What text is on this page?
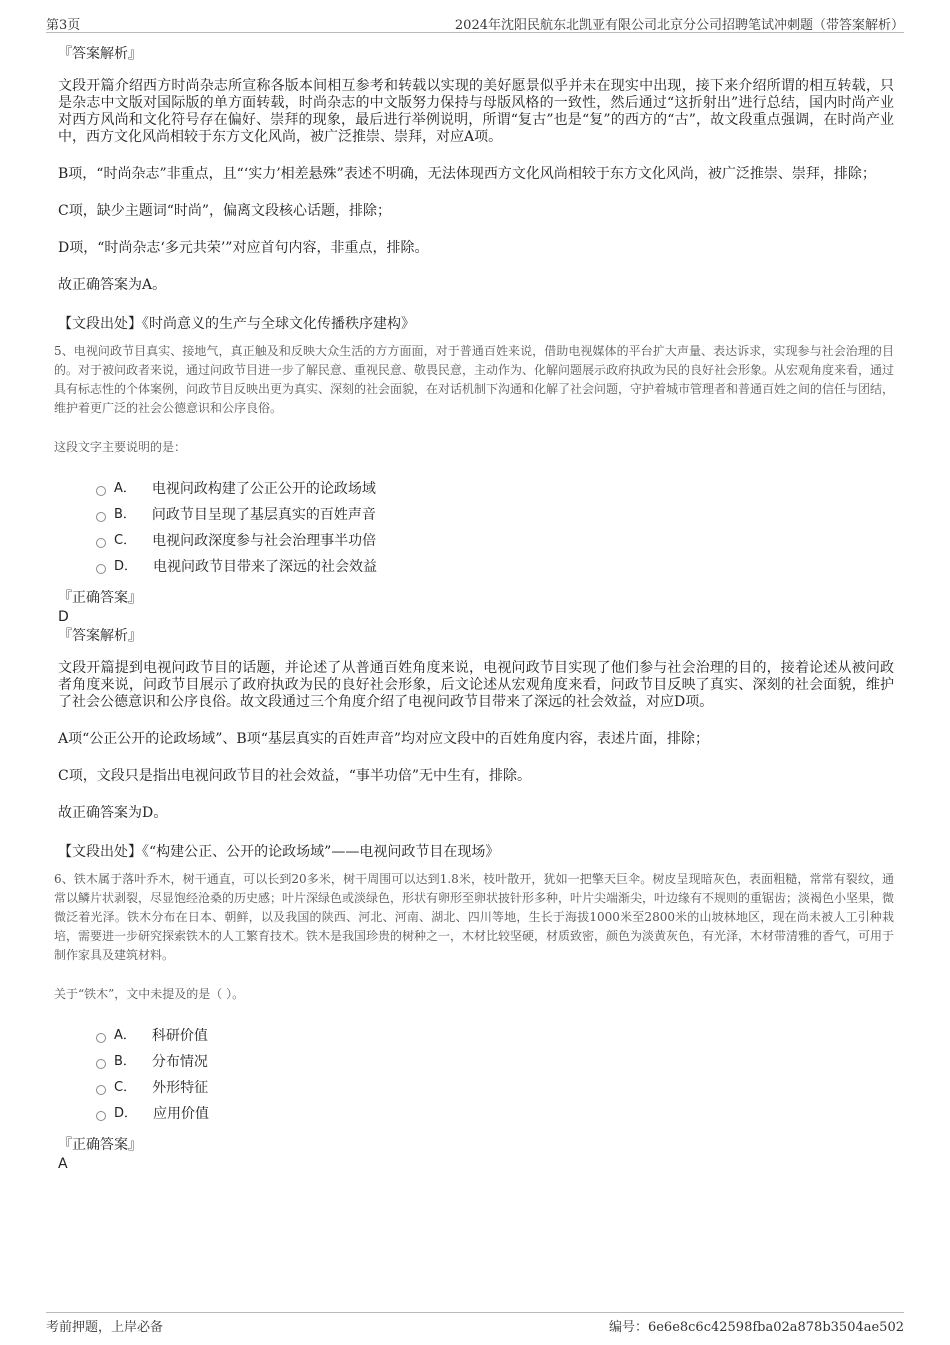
第3页	2024年沈阳民航东北凯亚有限公司北京分公司招聘笔试冲刺题（带答案解析）
『答案解析』

文段开篇介绍西方时尚杂志所宣称各版本间相互参考和转载以实现的美好愿景似乎并未在现实中出现，接下来介绍所谓的相互转载，只是杂志中文版对国际版的单方面转载，时尚杂志的中文版努力保持与母版风格的一致性，然后通过“这折射出”进行总结，国内时尚产业对西方风尚和文化符号存在偏好、崇拜的现象，最后进行举例说明，所谓“复古”也是“复”的西方的“古”，故文段重点强调，在时尚产业中，西方文化风尚相较于东方文化风尚，被广泛推崇、崇拜，对应A项。

B项，“时尚杂志”非重点，且“‘实力’相差悬殊”表述不明确，无法体现西方文化风尚相较于东方文化风尚，被广泛推崇、崇拜，排除；

C项，缺少主题词“时尚”，偏离文段核心话题，排除；

D项，“时尚杂志‘多元共荣’”对应首句内容，非重点，排除。

故正确答案为A。

【文段出处】《时尚意义的生产与全球文化传播秩序建构》

5、电视问政节目真实、接地气，真正触及和反映大众生活的方方面面，对于普通百姓来说，借助电视媒体的平台扩大声量、表达诉求，实现参与社会治理的目的。对于被问政者来说，通过问政节目进一步了解民意、重视民意、敬畏民意，主动作为、化解问题展示政府执政为民的良好社会形象。从宏观角度来看，通过具有标志性的个体案例，问政节目反映出更为真实、深刻的社会面貌，在对话机制下沟通和化解了社会问题，守护着城市管理者和普通百姓之间的信任与团结，维护着更广泛的社会公德意识和公序良俗。

这段文字主要说明的是：
A． 电视问政构建了公正公开的论政场域
B． 问政节目呈现了基层真实的百姓声音
C． 电视问政深度参与社会治理事半功倍
D． 电视问政节目带来了深远的社会效益
『正确答案』
D
『答案解析』

文段开篇提到电视问政节目的话题，并论述了从普通百姓角度来说，电视问政节目实现了他们参与社会治理的目的，接着论述从被问政者角度来说，问政节目展示了政府执政为民的良好社会形象，后文论述从宏观角度来看，问政节目反映了真实、深刻的社会面貌，维护了社会公德意识和公序良俗。故文段通过三个角度介绍了电视问政节目带来了深远的社会效益，对应D项。

A项“公正公开的论政场域”、B项“基层真实的百姓声音”均对应文段中的百姓角度内容，表述片面，排除；

C项，文段只是指出电视问政节目的社会效益，“事半功倍”无中生有，排除。

故正确答案为D。

【文段出处】《“构建公正、公开的论政场域”——电视问政节目在现场》

6、铁木属于落叶乔木，树干通直，可以长到20多米，树干周围可以达到1.8米，枝叶散开，犹如一把擎天巨伞。树皮呈现暗灰色，表面粗糙，常常有裂纹，通常以鳞片状剥裂，尽显饱经沧桑的历史感；叶片深绿色或淡绿色，形状有卵形至卵状披针形多种，叶片尖端渐尖，叶边缘有不规则的重锯齿；淡褐色小坚果，微微泛着光泽。铁木分布在日本、朝鲜，以及我国的陕西、河北、河南、湖北、四川等地，生长于海拔1000米至2800米的山坡林地区，现在尚未被人工引种栽培，需要进一步研究探索铁木的人工繁育技术。铁木是我国珍贵的树种之一，木材比较坚硬，材质致密，颜色为淡黄灰色，有光泽，木材带清雅的香气，可用于制作家具及建筑材料。

关于“铁木”，文中未提及的是（ ）。
A． 科研价值
B． 分布情况
C． 外形特征
D． 应用价值
『正确答案』
A
考前押题，上岸必备	编号：6e6e8c6c42598fba02a878b3504ae502
